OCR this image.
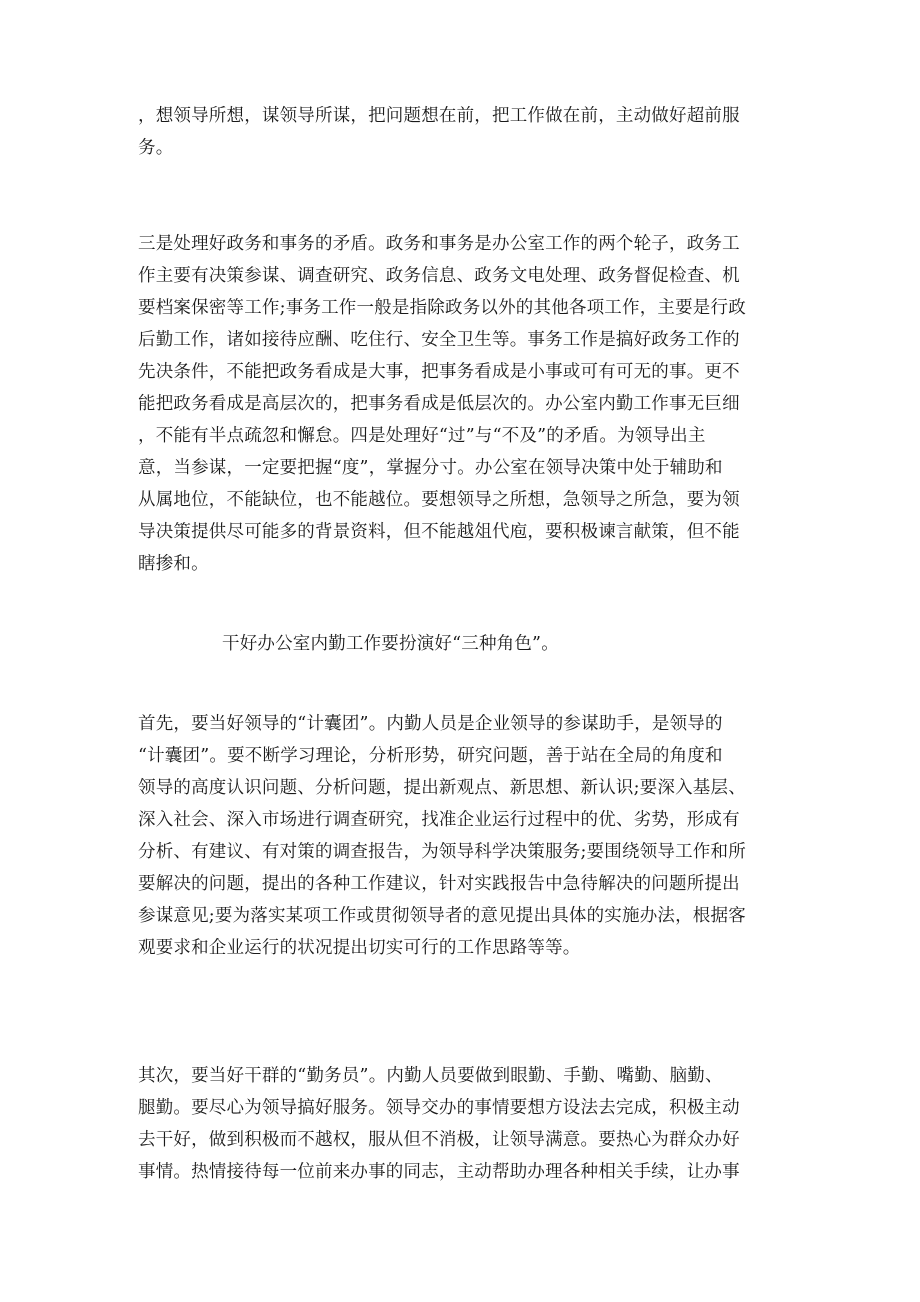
，想领导所想，谋领导所谋，把问题想在前，把工作做在前，主动做好超前服
务。
三是处理好政务和事务的矛盾。政务和事务是办公室工作的两个轮子，政务工
作主要有决策参谋、调查研究、政务信息、政务文电处理、政务督促检查、机
要档案保密等工作;事务工作一般是指除政务以外的其他各项工作，主要是行政
后勤工作，诸如接待应酬、吃住行、安全卫生等。事务工作是搞好政务工作的
先决条件，不能把政务看成是大事，把事务看成是小事或可有可无的事。更不
能把政务看成是高层次的，把事务看成是低层次的。办公室内勤工作事无巨细
，不能有半点疏忽和懈怠。四是处理好“过”与“不及”的矛盾。为领导出主
意，当参谋，一定要把握“度”，掌握分寸。办公室在领导决策中处于辅助和
从属地位，不能缺位，也不能越位。要想领导之所想，急领导之所急，要为领
导决策提供尽可能多的背景资料，但不能越俎代庖，要积极谏言献策，但不能
瞎掺和。
干好办公室内勤工作要扮演好“三种角色”。
首先，要当好领导的“计囊团”。内勤人员是企业领导的参谋助手，是领导的
“计囊团”。要不断学习理论，分析形势，研究问题，善于站在全局的角度和
领导的高度认识问题、分析问题，提出新观点、新思想、新认识;要深入基层、
深入社会、深入市场进行调查研究，找准企业运行过程中的优、劣势，形成有
分析、有建议、有对策的调查报告，为领导科学决策服务;要围绕领导工作和所
要解决的问题，提出的各种工作建议，针对实践报告中急待解决的问题所提出
参谋意见;要为落实某项工作或贯彻领导者的意见提出具体的实施办法，根据客
观要求和企业运行的状况提出切实可行的工作思路等等。
其次，要当好干群的“勤务员”。内勤人员要做到眼勤、手勤、嘴勤、脑勤、
腿勤。要尽心为领导搞好服务。领导交办的事情要想方设法去完成，积极主动
去干好，做到积极而不越权，服从但不消极，让领导满意。要热心为群众办好
事情。热情接待每一位前来办事的同志，主动帮助办理各种相关手续，让办事
